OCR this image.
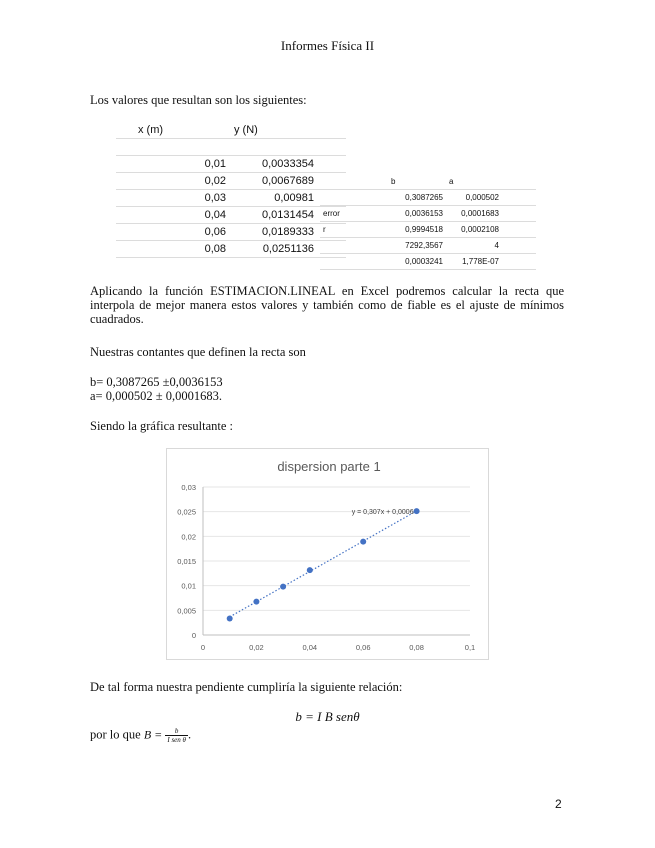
Informes Física II
Los valores que resultan son los siguientes:
x (m)	y (N)	

0,01	0,0033354	
0,02	0,0067689	
0,03	0,00981	
0,04	0,0131454	
0,06	0,0189333	
0,08	0,0251136	
	b	a	
	0,3087265	0,000502	
error	0,0036153	0,0001683	
r	0,9994518	0,0002108	
	7292,3567	4	
	0,0003241	1,778E-07	
Aplicando la función ESTIMACION.LINEAL en Excel podremos calcular la recta que interpola de mejor manera estos valores y también como de fiable es el ajuste de mínimos cuadrados.
Nuestras contantes que definen la recta son
b= 0,3087265 ±0,0036153
a= 0,000502 ± 0,0001683.
Siendo la gráfica resultante :
dispersion parte 1
0
0,005
0,01
0,015
0,02
0,025
0,03
0	0,02	0,04	0,06	0,08	0,1
y = 0,307x + 0,0006
De tal forma nuestra pendiente cumpliría la siguiente relación:
b = I B senθ
por lo que $B = \frac{b}{\text{I sen θ}}$ .
2
